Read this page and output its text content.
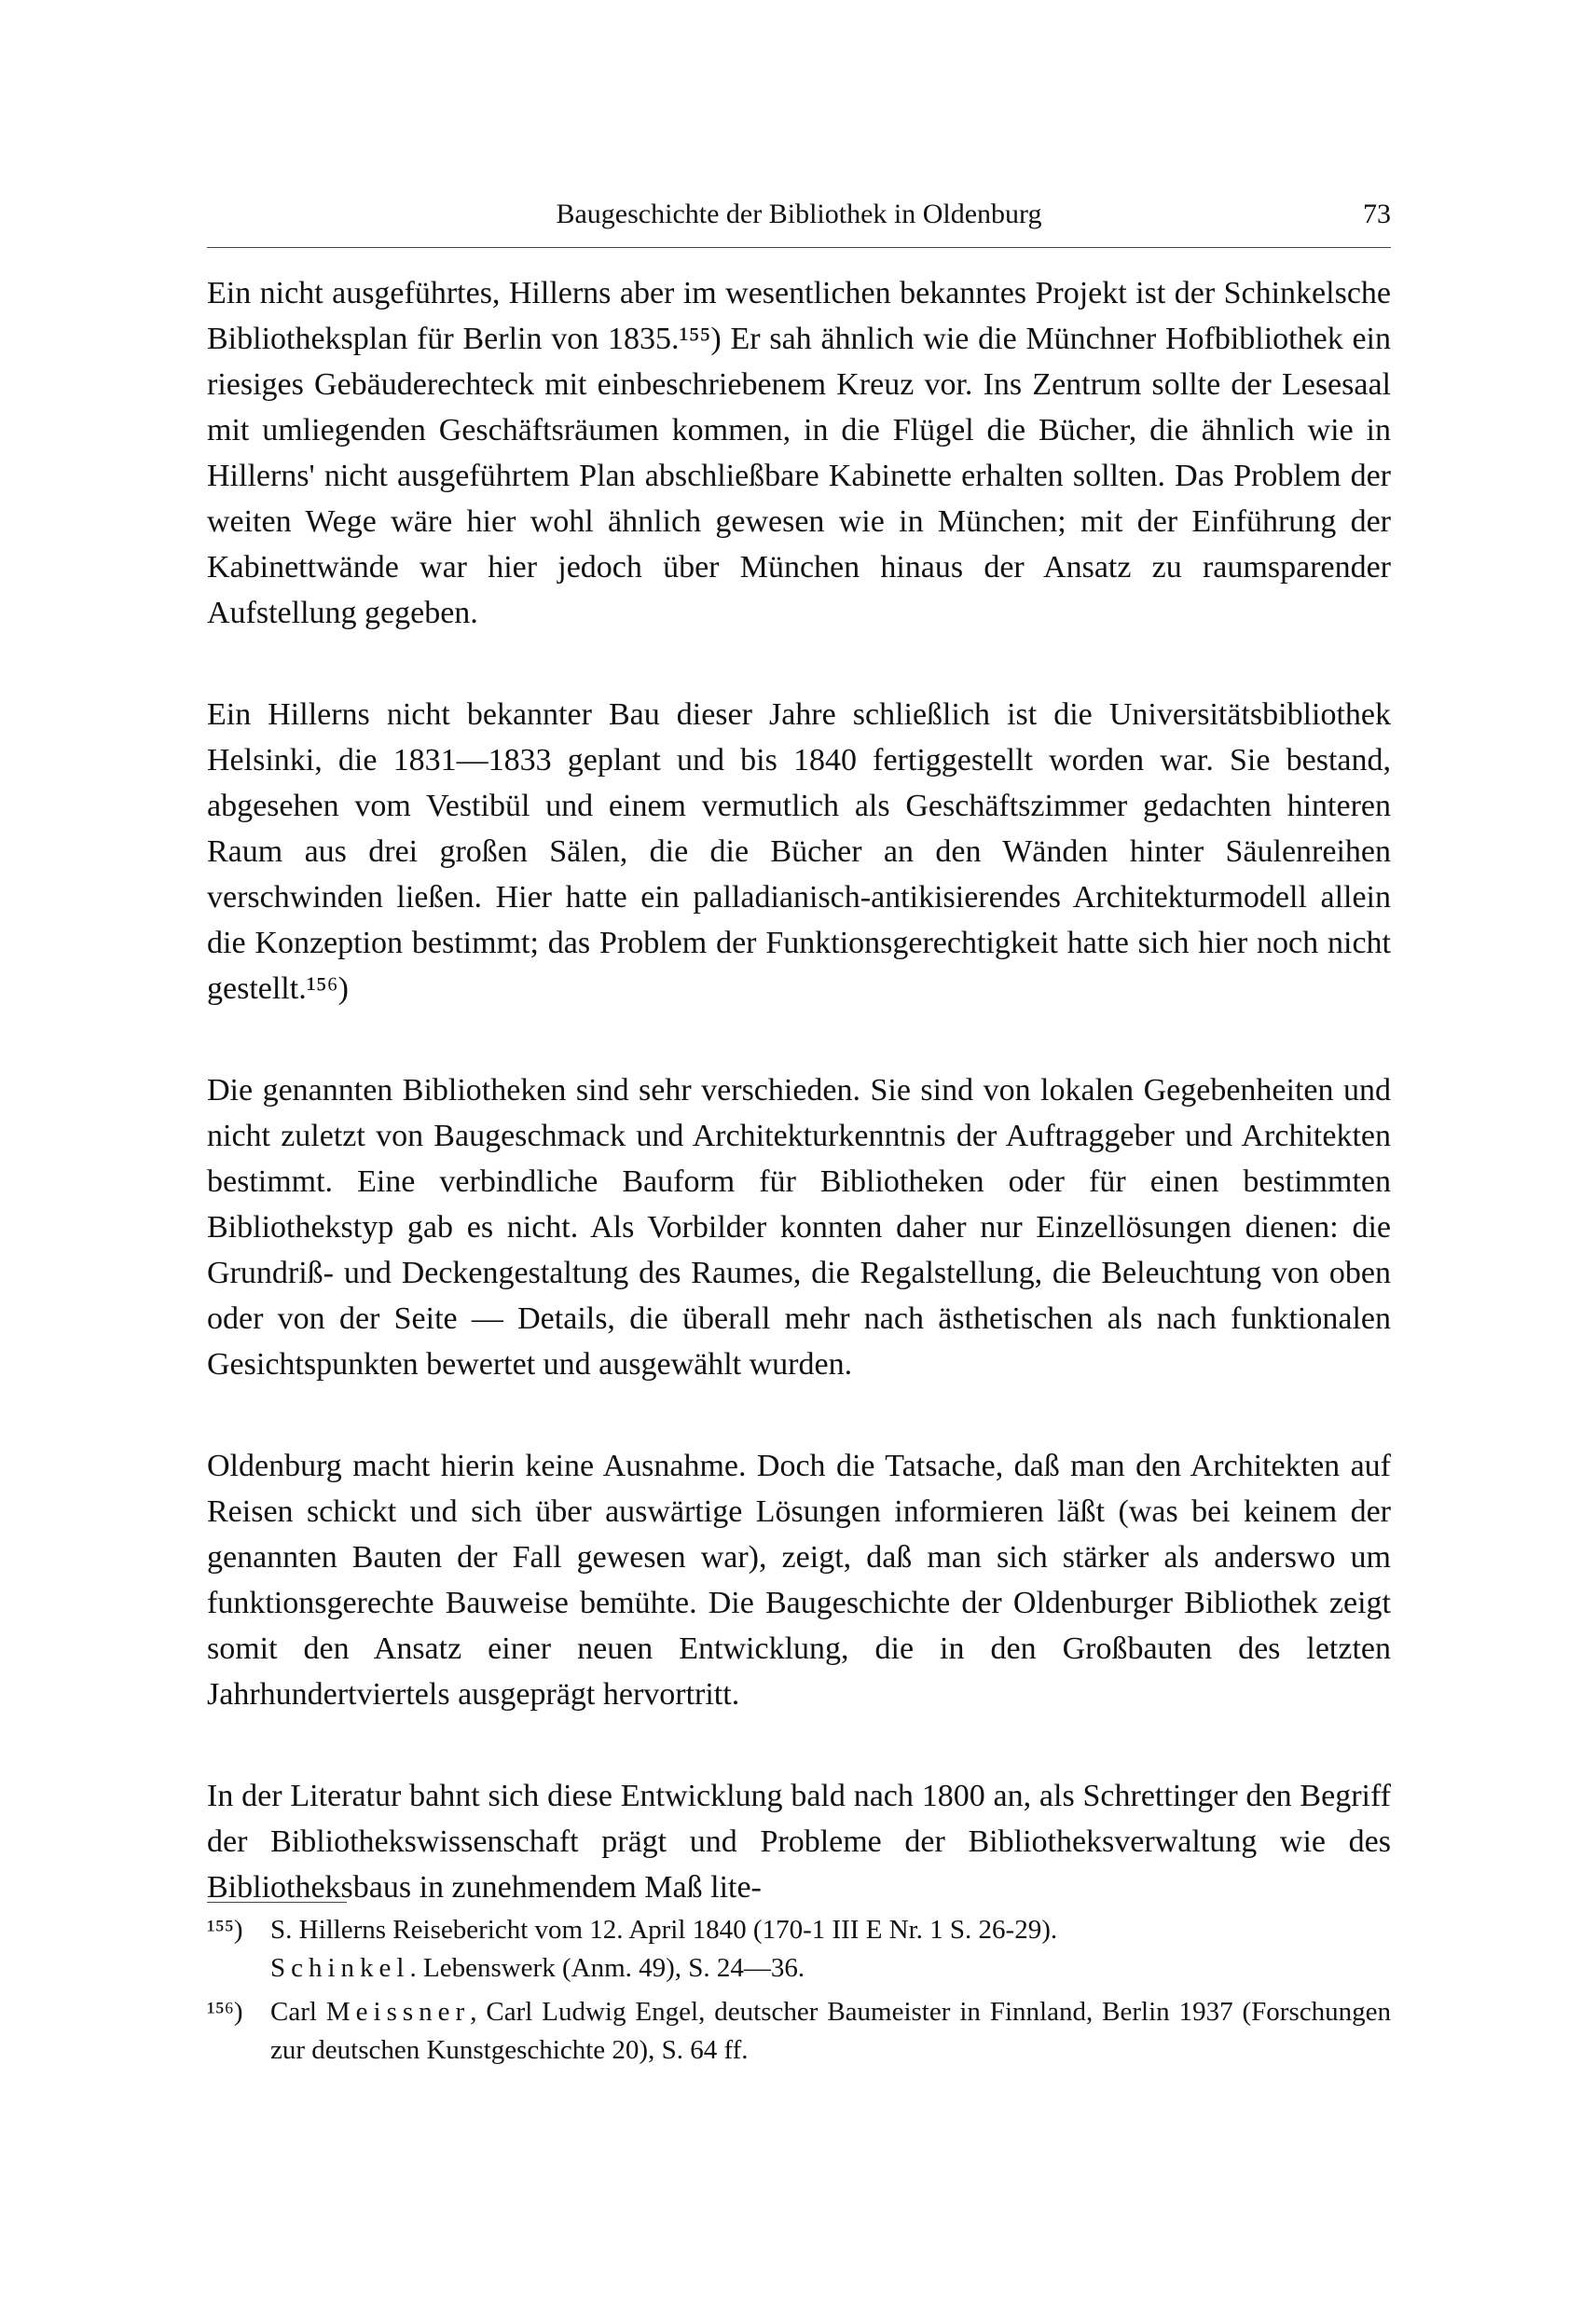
Baugeschichte der Bibliothek in Oldenburg	73

Ein nicht ausgeführtes, Hillerns aber im wesentlichen bekanntes Projekt ist der Schinkelsche Bibliotheksplan für Berlin von 1835.¹⁵⁵) Er sah ähnlich wie die Münchner Hofbibliothek ein riesiges Gebäuderechteck mit einbeschriebenem Kreuz vor. Ins Zentrum sollte der Lesesaal mit umliegenden Geschäftsräumen kommen, in die Flügel die Bücher, die ähnlich wie in Hillerns' nicht ausgeführtem Plan abschließbare Kabinette erhalten sollten. Das Problem der weiten Wege wäre hier wohl ähnlich gewesen wie in München; mit der Einführung der Kabinettwände war hier jedoch über München hinaus der Ansatz zu raumsparender Aufstellung gegeben.

Ein Hillerns nicht bekannter Bau dieser Jahre schließlich ist die Universitätsbibliothek Helsinki, die 1831—1833 geplant und bis 1840 fertiggestellt worden war. Sie bestand, abgesehen vom Vestibül und einem vermutlich als Geschäftszimmer gedachten hinteren Raum aus drei großen Sälen, die die Bücher an den Wänden hinter Säulenreihen verschwinden ließen. Hier hatte ein palladianisch-antikisierendes Architekturmodell allein die Konzeption bestimmt; das Problem der Funktionsgerechtigkeit hatte sich hier noch nicht gestellt.¹⁵⁶)

Die genannten Bibliotheken sind sehr verschieden. Sie sind von lokalen Gegebenheiten und nicht zuletzt von Baugeschmack und Architekturkenntnis der Auftraggeber und Architekten bestimmt. Eine verbindliche Bauform für Bibliotheken oder für einen bestimmten Bibliothekstyp gab es nicht. Als Vorbilder konnten daher nur Einzellösungen dienen: die Grundriß- und Deckengestaltung des Raumes, die Regalstellung, die Beleuchtung von oben oder von der Seite — Details, die überall mehr nach ästhetischen als nach funktionalen Gesichtspunkten bewertet und ausgewählt wurden.

Oldenburg macht hierin keine Ausnahme. Doch die Tatsache, daß man den Architekten auf Reisen schickt und sich über auswärtige Lösungen informieren läßt (was bei keinem der genannten Bauten der Fall gewesen war), zeigt, daß man sich stärker als anderswo um funktionsgerechte Bauweise bemühte. Die Baugeschichte der Oldenburger Bibliothek zeigt somit den Ansatz einer neuen Entwicklung, die in den Großbauten des letzten Jahrhundertviertels ausgeprägt hervortritt.

In der Literatur bahnt sich diese Entwicklung bald nach 1800 an, als Schrettinger den Begriff der Bibliothekswissenschaft prägt und Probleme der Bibliotheksverwaltung wie des Bibliotheksbaus in zunehmendem Maß lite-

¹⁵⁵) S. Hillerns Reisebericht vom 12. April 1840 (170-1 III E Nr. 1 S. 26-29).
Schinkel. Lebenswerk (Anm. 49), S. 24—36.
¹⁵⁶) Carl Meissner, Carl Ludwig Engel, deutscher Baumeister in Finnland, Berlin 1937 (Forschungen zur deutschen Kunstgeschichte 20), S. 64 ff.
